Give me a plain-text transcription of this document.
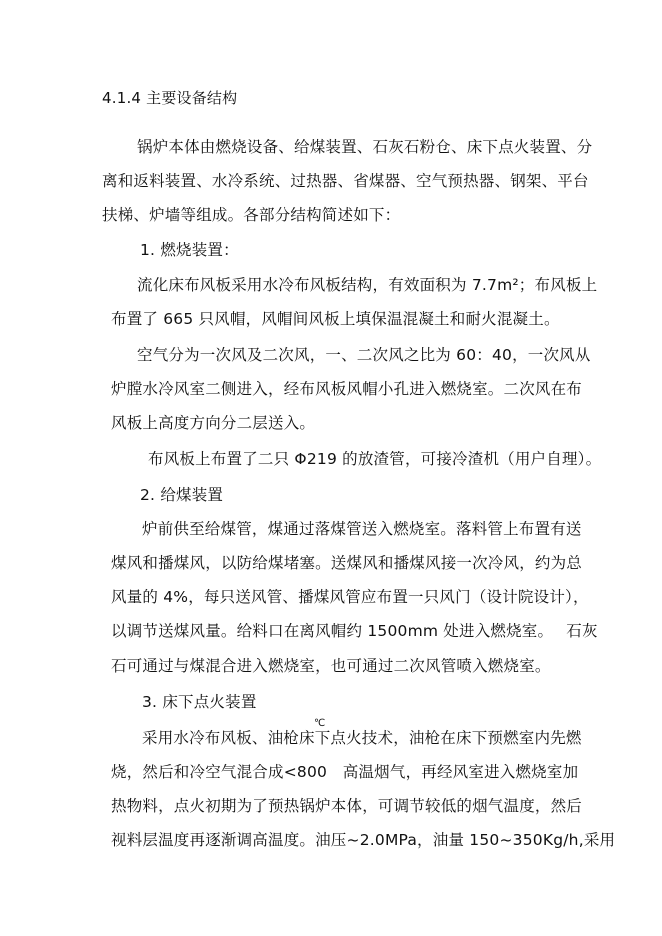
4.1.4 主要设备结构
锅炉本体由燃烧设备、给煤装置、石灰石粉仓、床下点火装置、分
离和返料装置、水冷系统、过热器、省煤器、空气预热器、钢架、平台
扶梯、炉墙等组成。各部分结构简述如下：
1. 燃烧装置：
流化床布风板采用水冷布风板结构，有效面积为 7.7m²；布风板上
布置了 665 只风帽，风帽间风板上填保温混凝土和耐火混凝土。
空气分为一次风及二次风，一、二次风之比为 60：40，一次风从
炉膛水冷风室二侧进入，经布风板风帽小孔进入燃烧室。二次风在布
风板上高度方向分二层送入。
布风板上布置了二只 Φ219 的放渣管，可接冷渣机（用户自理）。
2. 给煤装置
炉前供至给煤管，煤通过落煤管送入燃烧室。落料管上布置有送
煤风和播煤风，以防给煤堵塞。送煤风和播煤风接一次冷风，约为总
风量的 4%，每只送风管、播煤风管应布置一只风门（设计院设计），
以调节送煤风量。给料口在离风帽约 1500mm 处进入燃烧室。　 石灰
石可通过与煤混合进入燃烧室，也可通过二次风管喷入燃烧室。
3. 床下点火装置
℃
采用水冷布风板、油枪床下点火技术，油枪在床下预燃室内先燃
烧，然后和冷空气混合成<800　高温烟气，再经风室进入燃烧室加
热物料，点火初期为了预热锅炉本体，可调节较低的烟气温度，然后
视料层温度再逐渐调高温度。油压~2.0MPa，油量 150~350Kg/h,采用
